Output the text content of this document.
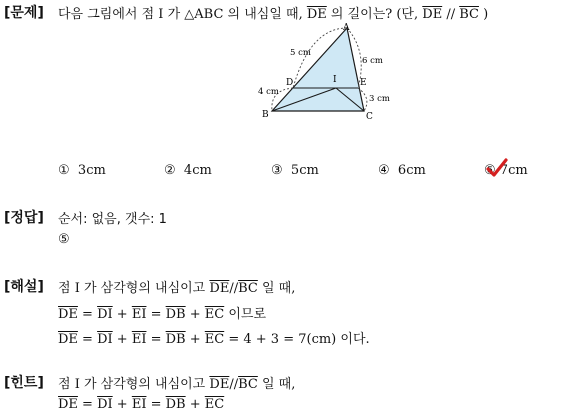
[문제] 다음 그림에서 점 I 가 △ABC 의 내심일 때, $\overline{DE}$ 의 길이는? (단, $\overline{DE} // \overline{BC}$ )
A
B	C
D	E
I
5 cm
4 cm
6 cm
3 cm
① 3cm	② 4cm	③ 5cm	④ 6cm	⑤ 7cm
[정답] 순서: 없음, 갯수: 1
⑤
[해설] 점 I 가 삼각형의 내심이고 $\overline{DE}//\overline{BC}$ 일 때,
$\overline{DE} = \overline{DI} + \overline{EI} = \overline{DB} + \overline{EC}$ 이므로
$\overline{DE} = \overline{DI} + \overline{EI} = \overline{DB} + \overline{EC} = 4 + 3 = 7(cm)$ 이다.
[힌트] 점 I 가 삼각형의 내심이고 $\overline{DE}//\overline{BC}$ 일 때,
$\overline{DE} = \overline{DI} + \overline{EI} = \overline{DB} + \overline{EC}$
